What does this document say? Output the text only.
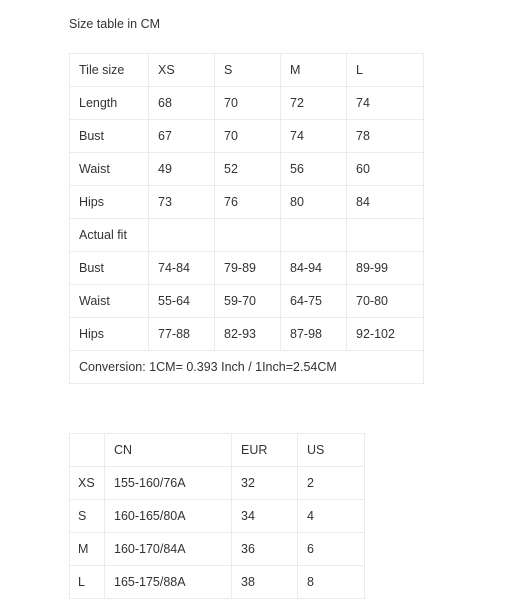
Size table in CM
Tile size	XS	S	M	L
Length	68	70	72	74
Bust	67	70	74	78
Waist	49	52	56	60
Hips	73	76	80	84
Actual fit				
Bust	74-84	79-89	84-94	89-99
Waist	55-64	59-70	64-75	70-80
Hips	77-88	82-93	87-98	92-102
Conversion: 1CM= 0.393 Inch / 1Inch=2.54CM				
	CN	EUR	US
XS	155-160/76A	32	2
S	160-165/80A	34	4
M	160-170/84A	36	6
L	165-175/88A	38	8
